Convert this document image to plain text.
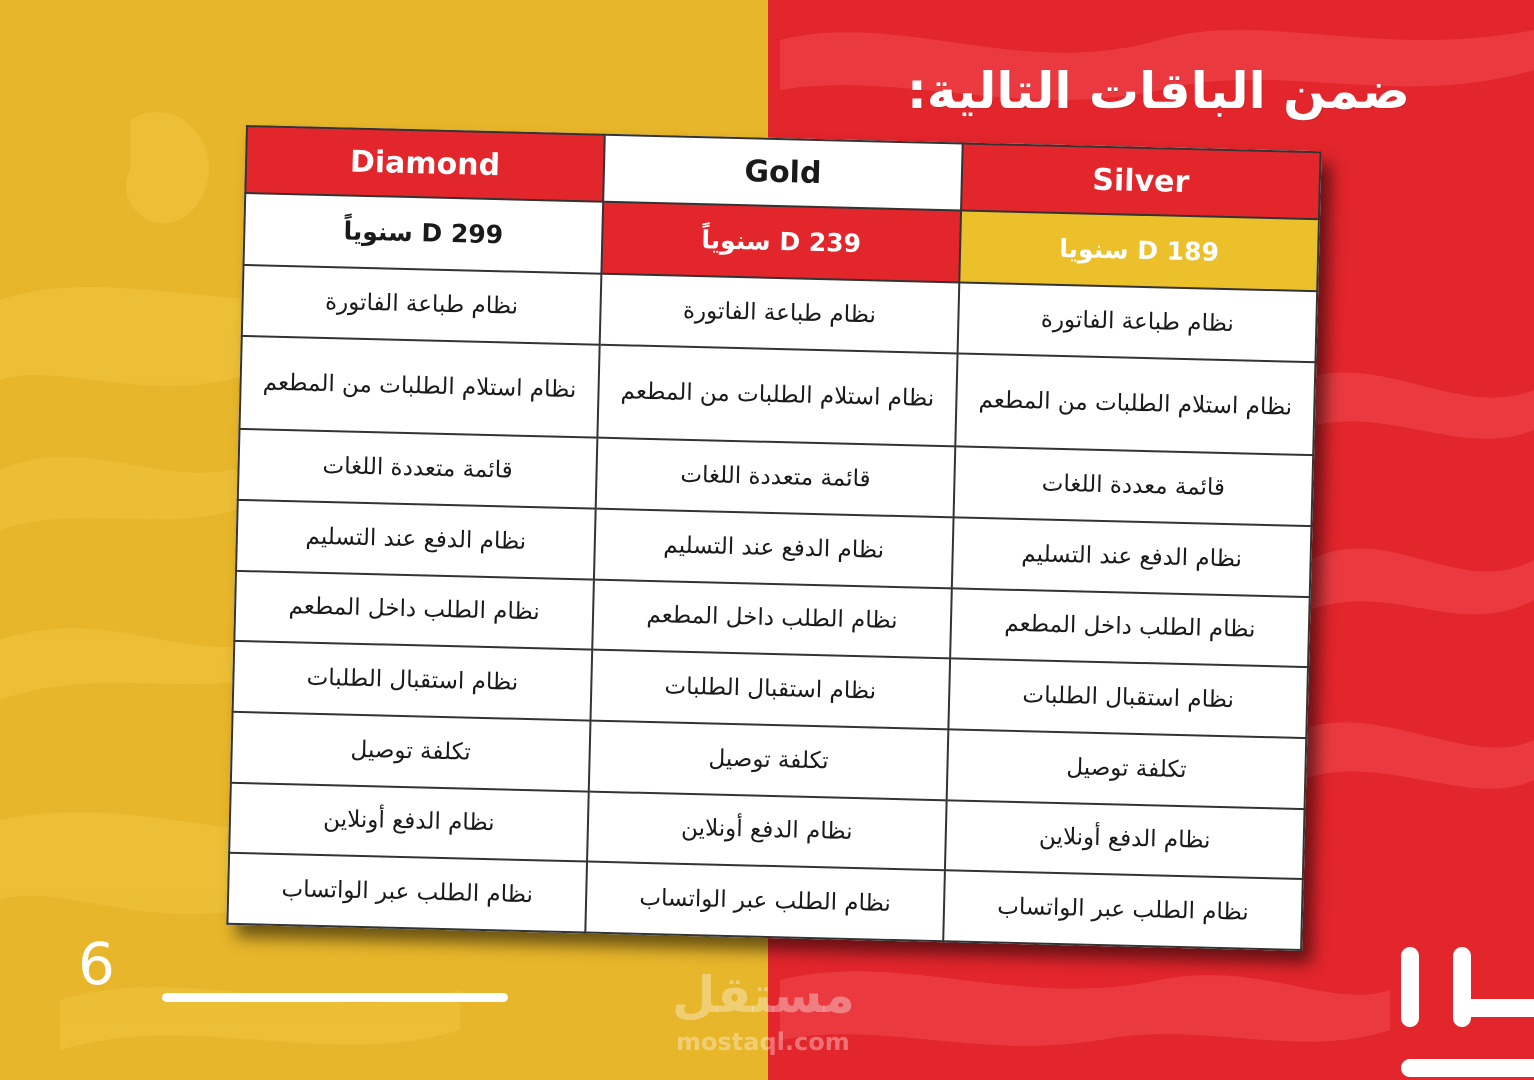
ضمن الباقات التالية:
Diamond	Gold	Silver
D 299 سنوياً	D 239 سنوياً	D 189 سنويا
نظام طباعة الفاتورة	نظام طباعة الفاتورة	نظام طباعة الفاتورة
نظام استلام الطلبات من المطعم	نظام استلام الطلبات من المطعم	نظام استلام الطلبات من المطعم
قائمة متعددة اللغات	قائمة متعددة اللغات	قائمة معددة اللغات
نظام الدفع عند التسليم	نظام الدفع عند التسليم	نظام الدفع عند التسليم
نظام الطلب داخل المطعم	نظام الطلب داخل المطعم	نظام الطلب داخل المطعم
نظام استقبال الطلبات	نظام استقبال الطلبات	نظام استقبال الطلبات
تكلفة توصيل	تكلفة توصيل	تكلفة توصيل
نظام الدفع أونلاين	نظام الدفع أونلاين	نظام الدفع أونلاين
نظام الطلب عبر الواتساب	نظام الطلب عبر الواتساب	نظام الطلب عبر الواتساب
6	مستقل
mostaql.com
